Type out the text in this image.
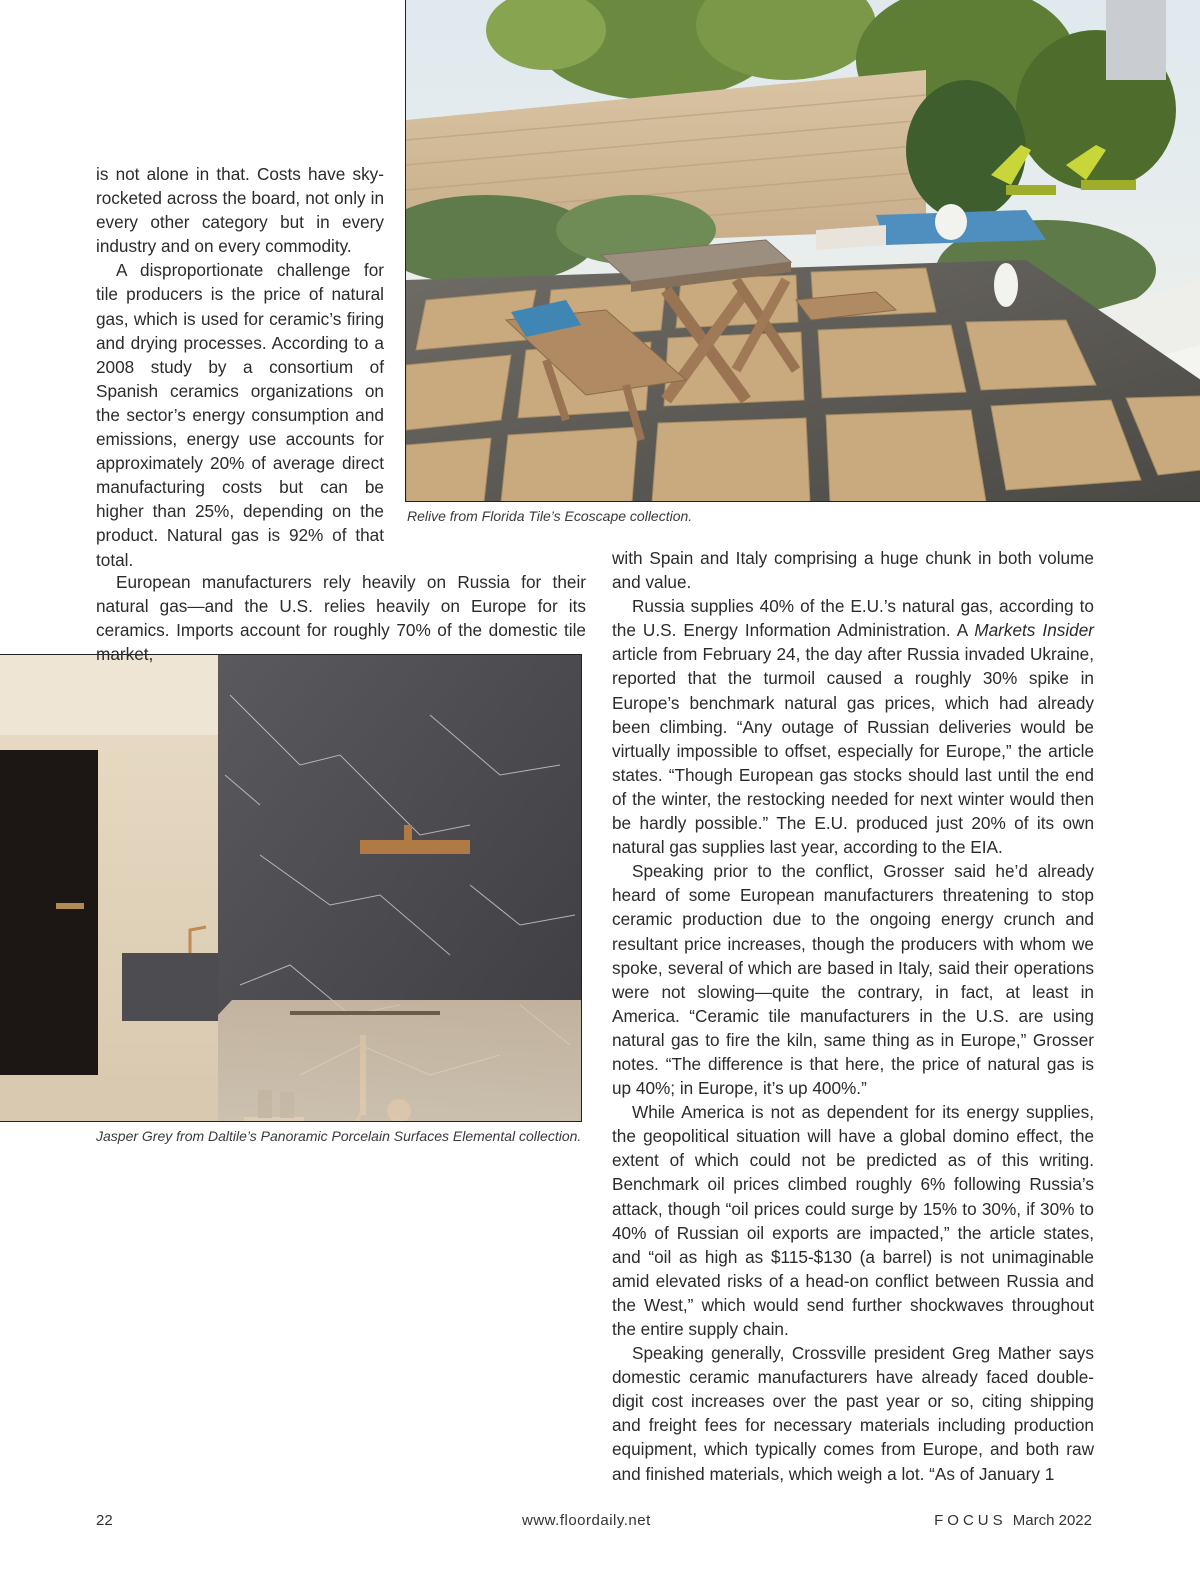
Relive from Florida Tile’s Ecoscape collection.
Jasper Grey from Daltile’s Panoramic Porcelain Surfaces Elemental collection.

is not alone in that. Costs have sky-rocketed across the board, not only in every other category but in every industry and on every commodity.

A disproportionate challenge for tile producers is the price of natural gas, which is used for ceramic’s firing and drying processes. According to a 2008 study by a consortium of Spanish ceramics organizations on the sector’s energy consumption and emissions, energy use accounts for approximately 20% of average direct manufacturing costs but can be higher than 25%, depending on the product. Natural gas is 92% of that total.

European manufacturers rely heavily on Russia for their natural gas—and the U.S. relies heavily on Europe for its ceramics. Imports account for roughly 70% of the domestic tile market,

with Spain and Italy comprising a huge chunk in both volume and value.

Russia supplies 40% of the E.U.’s natural gas, according to the U.S. Energy Information Administration. A Markets Insider article from February 24, the day after Russia invaded Ukraine, reported that the turmoil caused a roughly 30% spike in Europe’s benchmark natural gas prices, which had already been climbing. “Any outage of Russian deliveries would be virtually impossible to offset, especially for Europe,” the article states. “Though European gas stocks should last until the end of the winter, the restocking needed for next winter would then be hardly possible.” The E.U. produced just 20% of its own natural gas supplies last year, according to the EIA.

Speaking prior to the conflict, Grosser said he’d already heard of some European manufacturers threatening to stop ceramic production due to the ongoing energy crunch and resultant price increases, though the producers with whom we spoke, several of which are based in Italy, said their operations were not slowing—quite the contrary, in fact, at least in America. “Ceramic tile manufacturers in the U.S. are using natural gas to fire the kiln, same thing as in Europe,” Grosser notes. “The difference is that here, the price of natural gas is up 40%; in Europe, it’s up 400%.”

While America is not as dependent for its energy supplies, the geopolitical situation will have a global domino effect, the extent of which could not be predicted as of this writing. Benchmark oil prices climbed roughly 6% following Russia’s attack, though “oil prices could surge by 15% to 30%, if 30% to 40% of Russian oil exports are impacted,” the article states, and “oil as high as $115-$130 (a barrel) is not unimaginable amid elevated risks of a head-on conflict between Russia and the West,” which would send further shockwaves throughout the entire supply chain.

Speaking generally, Crossville president Greg Mather says domestic ceramic manufacturers have already faced double-digit cost increases over the past year or so, citing shipping and freight fees for necessary materials including production equipment, which typically comes from Europe, and both raw and finished materials, which weigh a lot. “As of January 1

22	www.floordaily.net	FOCUS March 2022
